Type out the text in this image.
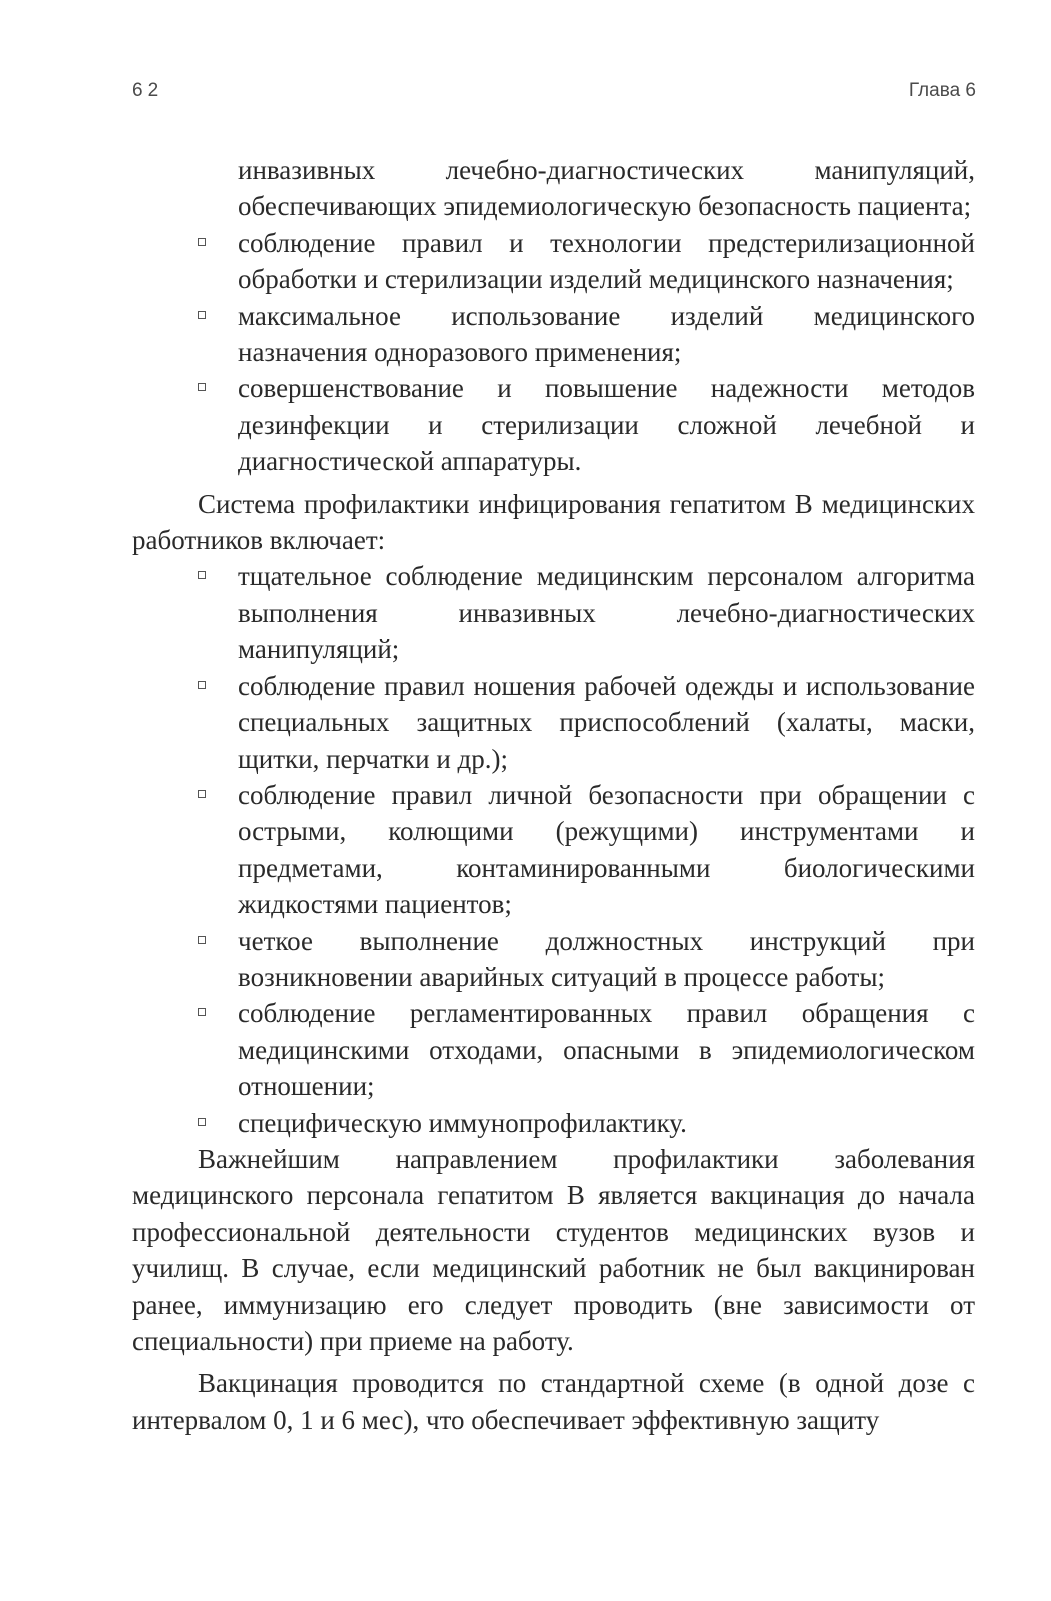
62	Глава 6

инвазивных лечебно-диагностических манипуляций, обеспечивающих эпидемиологическую безопасность пациента;

соблюдение правил и технологии предстерилизационной обработки и стерилизации изделий медицинского назначения;
максимальное использование изделий медицинского назначения одноразового применения;
совершенствование и повышение надежности методов дезинфекции и стерилизации сложной лечебной и диагностической аппаратуры.

Система профилактики инфицирования гепатитом В медицинских работников включает:

тщательное соблюдение медицинским персоналом алгоритма выполнения инвазивных лечебно-диагностических манипуляций;
соблюдение правил ношения рабочей одежды и использование специальных защитных приспособлений (халаты, маски, щитки, перчатки и др.);
соблюдение правил личной безопасности при обращении с острыми, колющими (режущими) инструментами и предметами, контаминированными биологическими жидкостями пациентов;
четкое выполнение должностных инструкций при возникновении аварийных ситуаций в процессе работы;
соблюдение регламентированных правил обращения с медицинскими отходами, опасными в эпидемиологическом отношении;
специфическую иммунопрофилактику.

Важнейшим направлением профилактики заболевания медицинского персонала гепатитом В является вакцинация до начала профессиональной деятельности студентов медицинских вузов и училищ. В случае, если медицинский работник не был вакцинирован ранее, иммунизацию его следует проводить (вне зависимости от специальности) при приеме на работу.

Вакцинация проводится по стандартной схеме (в одной дозе с интервалом 0, 1 и 6 мес), что обеспечивает эффективную защиту
